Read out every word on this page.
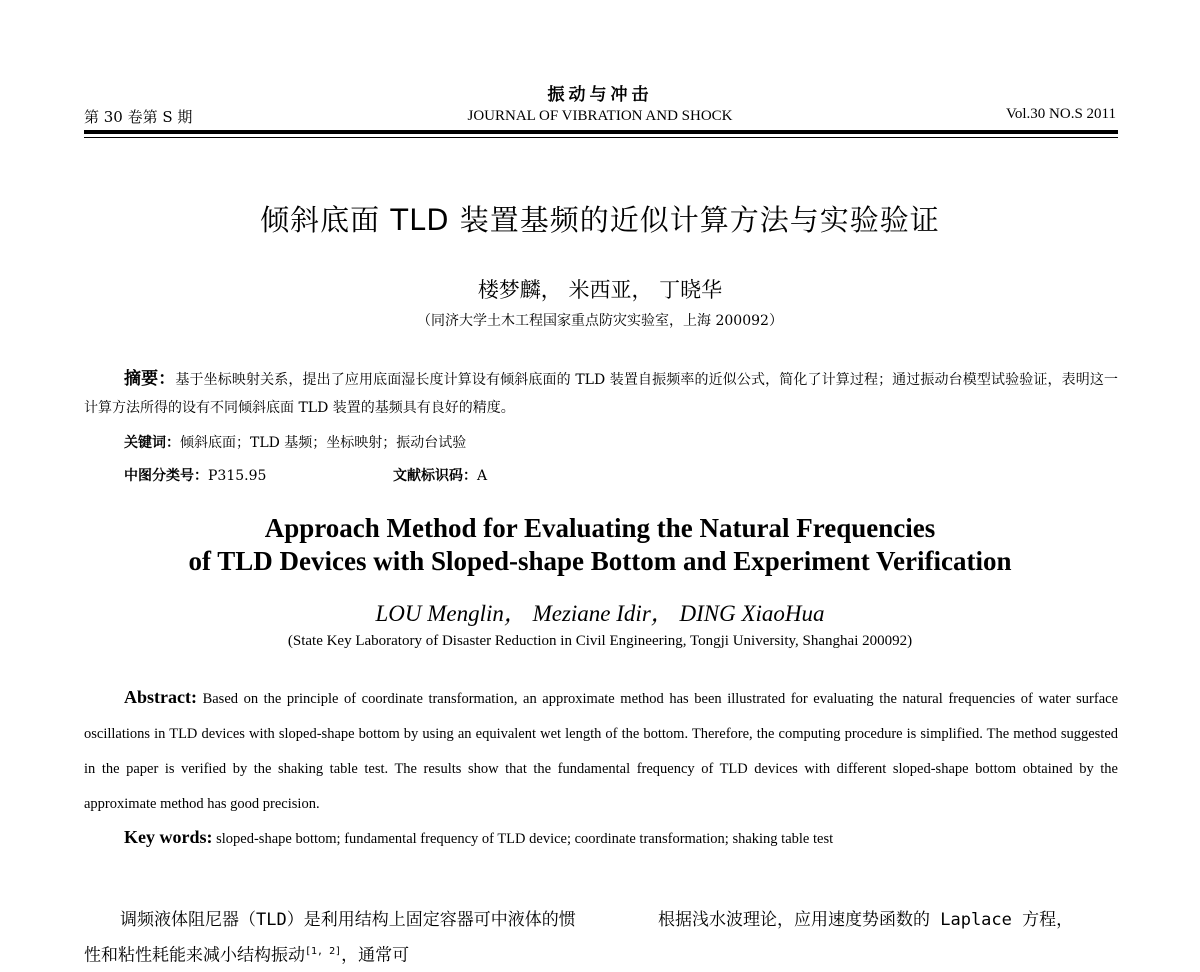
振动与冲击
第 30 卷第 S 期	JOURNAL OF VIBRATION AND SHOCK	Vol.30 NO.S 2011
倾斜底面 TLD 装置基频的近似计算方法与实验验证
楼梦麟， 米西亚， 丁晓华
（同济大学土木工程国家重点防灾实验室，上海 200092）
摘要：基于坐标映射关系，提出了应用底面湿长度计算设有倾斜底面的 TLD 装置自振频率的近似公式，简化了计算过程；通过振动台模型试验验证，表明这一计算方法所得的设有不同倾斜底面 TLD 装置的基频具有良好的精度。
关键词：倾斜底面；TLD 基频；坐标映射；振动台试验
中图分类号：P315.95	文献标识码：A
Approach Method for Evaluating the Natural Frequencies
of TLD Devices with Sloped-shape Bottom and Experiment Verification
LOU Menglin， Meziane Idir， DING XiaoHua
(State Key Laboratory of Disaster Reduction in Civil Engineering, Tongji University, Shanghai 200092)
Abstract: Based on the principle of coordinate transformation, an approximate method has been illustrated for evaluating the natural frequencies of water surface oscillations in TLD devices with sloped-shape bottom by using an equivalent wet length of the bottom. Therefore, the computing procedure is simplified. The method suggested in the paper is verified by the shaking table test. The results show that the fundamental frequency of TLD devices with different sloped-shape bottom obtained by the approximate method has good precision.
Key words: sloped-shape bottom; fundamental frequency of TLD device; coordinate transformation; shaking table test
调频液体阻尼器（TLD）是利用结构上固定容器可中液体的惯性和粘性耗能来减小结构振动[1, 2]，通常可
根据浅水波理论，应用速度势函数的 Laplace 方程，
